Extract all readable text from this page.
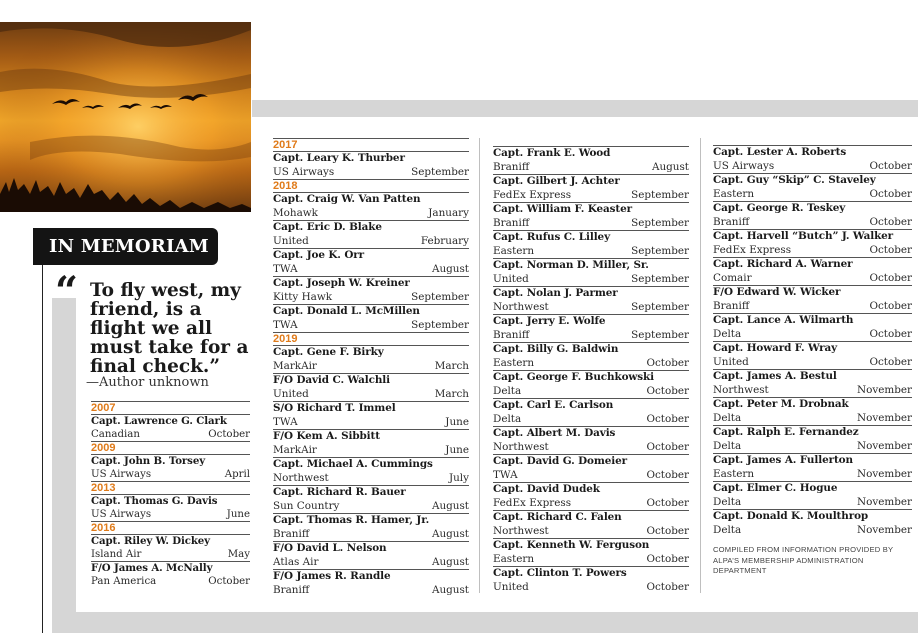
IN MEMORIAM
“ To fly west, my friend, is a flight we all must take for a final check.”
—Author unknown
2007
Capt. Lawrence G. Clark
Canadian	October
2009
Capt. John B. Torsey
US Airways	April
2013
Capt. Thomas G. Davis
US Airways	June
2016
Capt. Riley W. Dickey
Island Air	May
F/O James A. McNally
Pan America	October
2017
Capt. Leary K. Thurber
US Airways	September
2018
Capt. Craig W. Van Patten
Mohawk	January
Capt. Eric D. Blake
United	February
Capt. Joe K. Orr
TWA	August
Capt. Joseph W. Kreiner
Kitty Hawk	September
Capt. Donald L. McMillen
TWA	September
2019
Capt. Gene F. Birky
MarkAir	March
F/O David C. Walchli
United	March
S/O Richard T. Immel
TWA	June
F/O Kem A. Sibbitt
MarkAir	June
Capt. Michael A. Cummings
Northwest	July
Capt. Richard R. Bauer
Sun Country	August
Capt. Thomas R. Hamer, Jr.
Braniff	August
F/O David L. Nelson
Atlas Air	August
F/O James R. Randle
Braniff	August
Capt. Frank E. Wood
Braniff	August
Capt. Gilbert J. Achter
FedEx Express	September
Capt. William F. Keaster
Braniff	September
Capt. Rufus C. Lilley
Eastern	September
Capt. Norman D. Miller, Sr.
United	September
Capt. Nolan J. Parmer
Northwest	September
Capt. Jerry E. Wolfe
Braniff	September
Capt. Billy G. Baldwin
Eastern	October
Capt. George F. Buchkowski
Delta	October
Capt. Carl E. Carlson
Delta	October
Capt. Albert M. Davis
Northwest	October
Capt. David G. Domeier
TWA	October
Capt. David Dudek
FedEx Express	October
Capt. Richard C. Falen
Northwest	October
Capt. Kenneth W. Ferguson
Eastern	October
Capt. Clinton T. Powers
United	October
Capt. Lester A. Roberts
US Airways	October
Capt. Guy “Skip” C. Staveley
Eastern	October
Capt. George R. Teskey
Braniff	October
Capt. Harvell “Butch” J. Walker
FedEx Express	October
Capt. Richard A. Warner
Comair	October
F/O Edward W. Wicker
Braniff	October
Capt. Lance A. Wilmarth
Delta	October
Capt. Howard F. Wray
United	October
Capt. James A. Bestul
Northwest	November
Capt. Peter M. Drobnak
Delta	November
Capt. Ralph E. Fernandez
Delta	November
Capt. James A. Fullerton
Eastern	November
Capt. Elmer C. Hogue
Delta	November
Capt. Donald K. Moulthrop
Delta	November
COMPILED FROM INFORMATION PROVIDED BY ALPA’S MEMBERSHIP ADMINISTRATION DEPARTMENT
